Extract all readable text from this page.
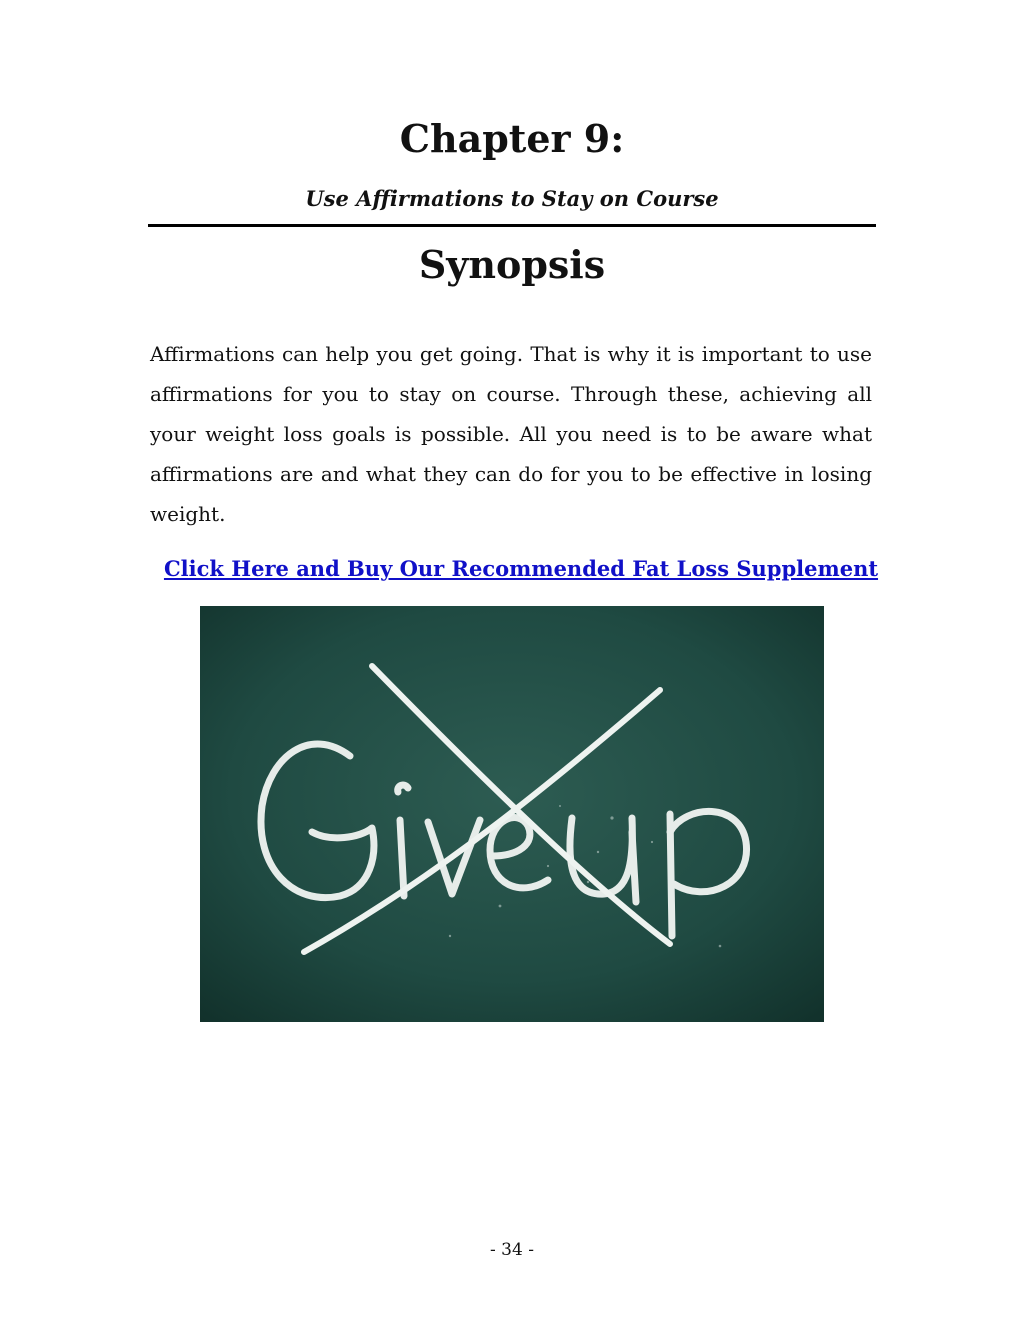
Chapter 9:

Use Affirmations to Stay on Course

Synopsis

Affirmations can help you get going. That is why it is important to use affirmations for you to stay on course. Through these, achieving all your weight loss goals is possible. All you need is to be aware what affirmations are and what they can do for you to be effective in losing weight.

Click Here and Buy Our Recommended Fat Loss Supplement

- 34 -
